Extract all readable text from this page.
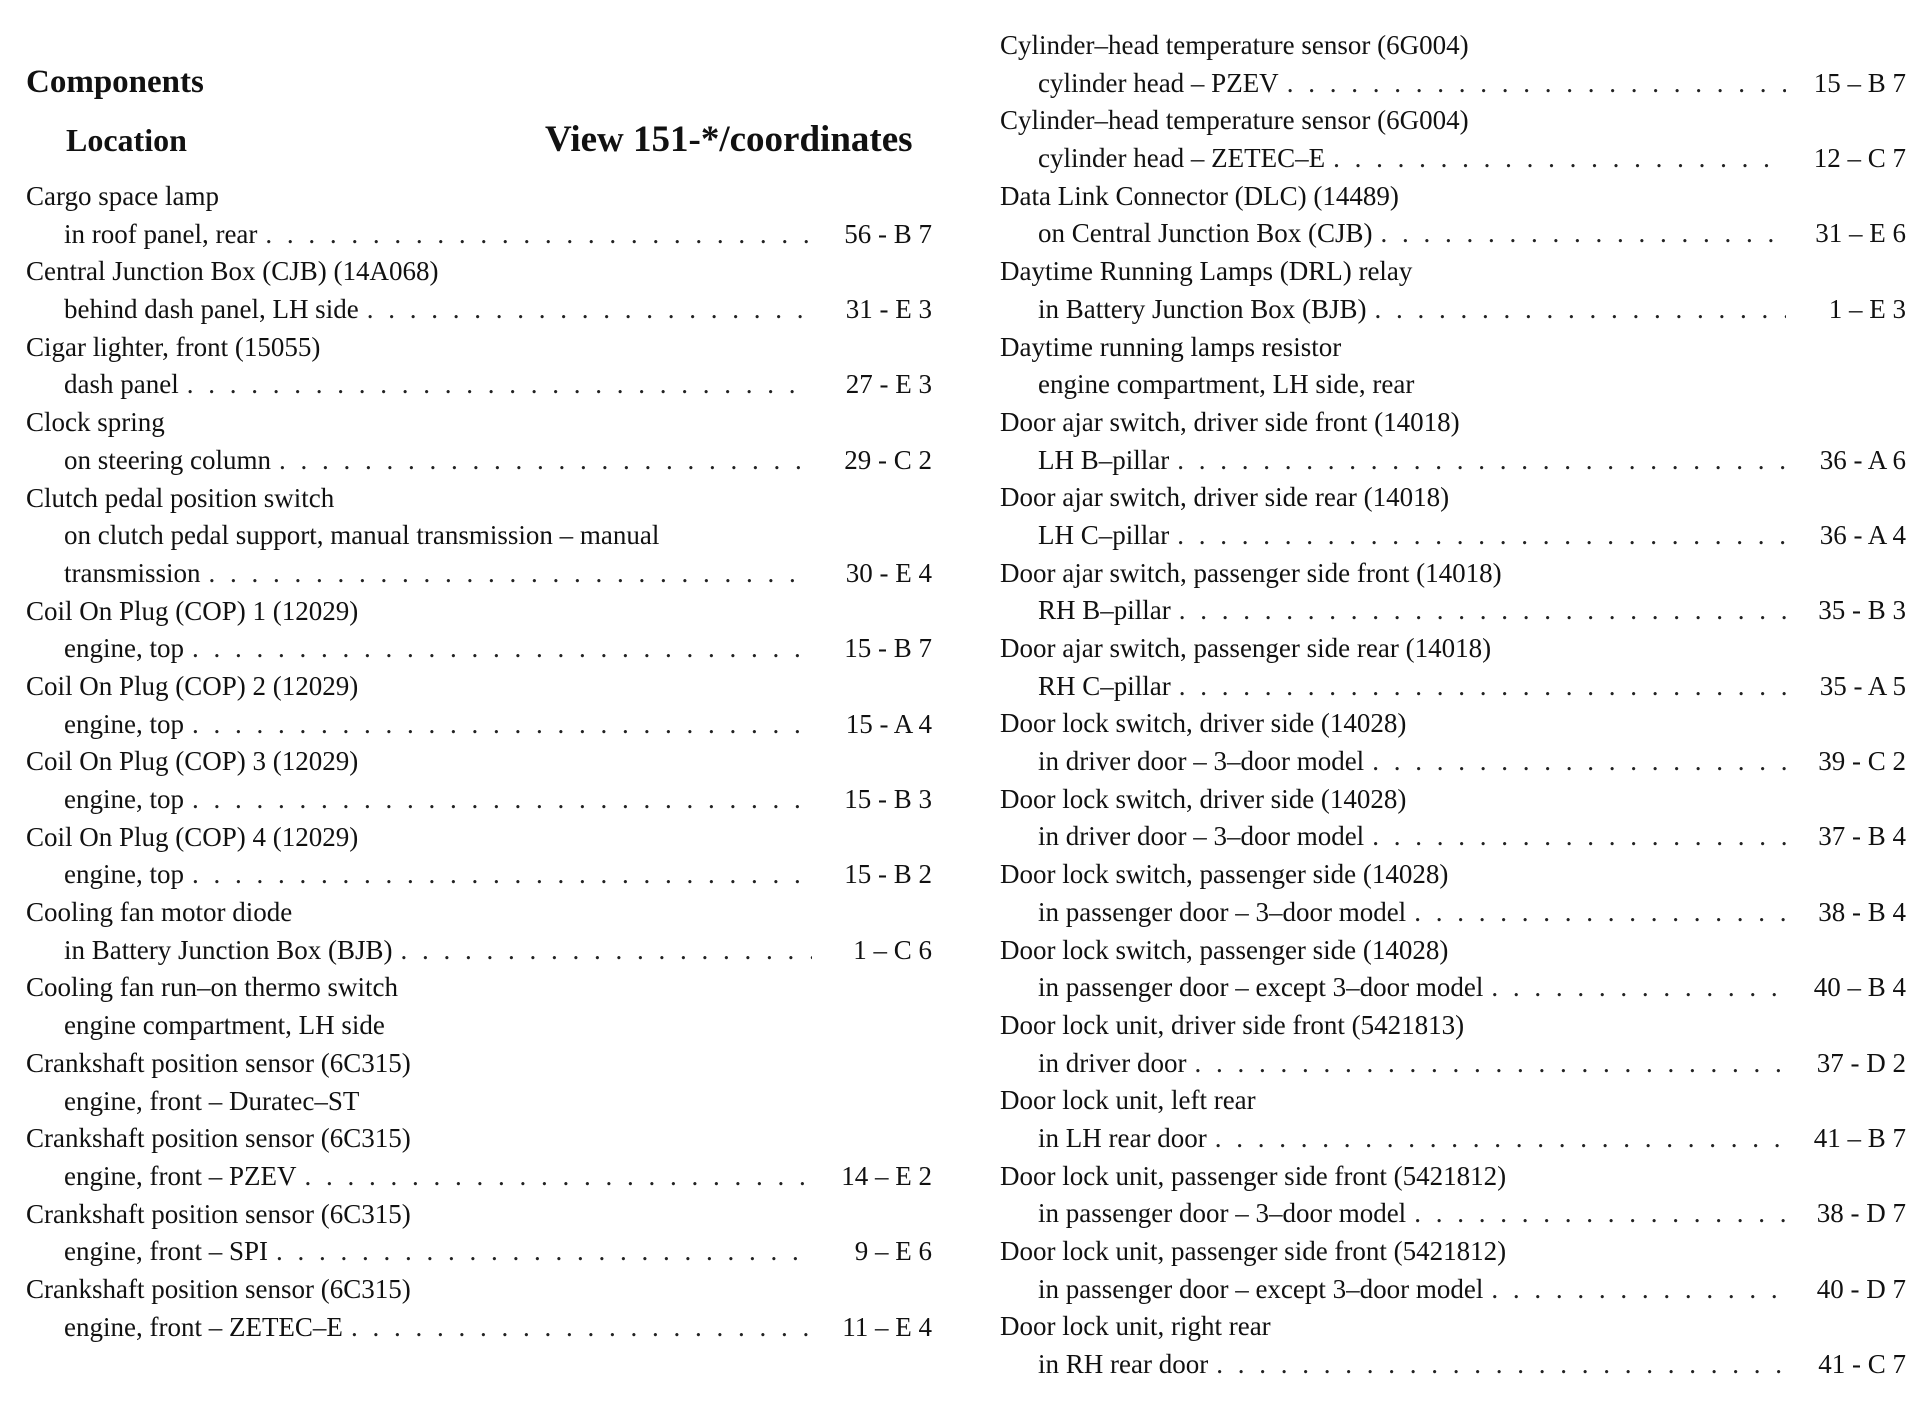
Components
Location	View 151-*/coordinates
Cargo space lamp
in roof panel, rear . . .	56 - B 7
Central Junction Box (CJB) (14A068)
behind dash panel, LH side . . .	31 - E 3
Cigar lighter, front (15055)
dash panel . . .	27 - E 3
Clock spring
on steering column . . .	29 - C 2
Clutch pedal position switch
on clutch pedal support, manual transmission – manual
transmission . . .	30 - E 4
Coil On Plug (COP) 1 (12029)
engine, top . . .	15 - B 7
Coil On Plug (COP) 2 (12029)
engine, top . . .	15 - A 4
Coil On Plug (COP) 3 (12029)
engine, top . . .	15 - B 3
Coil On Plug (COP) 4 (12029)
engine, top . . .	15 - B 2
Cooling fan motor diode
in Battery Junction Box (BJB) . . .	1 – C 6
Cooling fan run–on thermo switch
engine compartment, LH side
Crankshaft position sensor (6C315)
engine, front – Duratec–ST
Crankshaft position sensor (6C315)
engine, front – PZEV . . .	14 – E 2
Crankshaft position sensor (6C315)
engine, front – SPI . . .	9 – E 6
Crankshaft position sensor (6C315)
engine, front – ZETEC–E . . .	11 – E 4
Cylinder–head temperature sensor (6G004)
cylinder head – PZEV . . .	15 – B 7
Cylinder–head temperature sensor (6G004)
cylinder head – ZETEC–E . . .	12 – C 7
Data Link Connector (DLC) (14489)
on Central Junction Box (CJB) . . .	31 – E 6
Daytime Running Lamps (DRL) relay
in Battery Junction Box (BJB) . . .	1 – E 3
Daytime running lamps resistor
engine compartment, LH side, rear
Door ajar switch, driver side front (14018)
LH B–pillar . . .	36 - A 6
Door ajar switch, driver side rear (14018)
LH C–pillar . . .	36 - A 4
Door ajar switch, passenger side front (14018)
RH B–pillar . . .	35 - B 3
Door ajar switch, passenger side rear (14018)
RH C–pillar . . .	35 - A 5
Door lock switch, driver side (14028)
in driver door – 3–door model . . .	39 - C 2
Door lock switch, driver side (14028)
in driver door – 3–door model . . .	37 - B 4
Door lock switch, passenger side (14028)
in passenger door – 3–door model . . .	38 - B 4
Door lock switch, passenger side (14028)
in passenger door – except 3–door model . . .	40 – B 4
Door lock unit, driver side front (5421813)
in driver door . . .	37 - D 2
Door lock unit, left rear
in LH rear door . . .	41 – B 7
Door lock unit, passenger side front (5421812)
in passenger door – 3–door model . . .	38 - D 7
Door lock unit, passenger side front (5421812)
in passenger door – except 3–door model . . .	40 - D 7
Door lock unit, right rear
in RH rear door . . .	41 - C 7
